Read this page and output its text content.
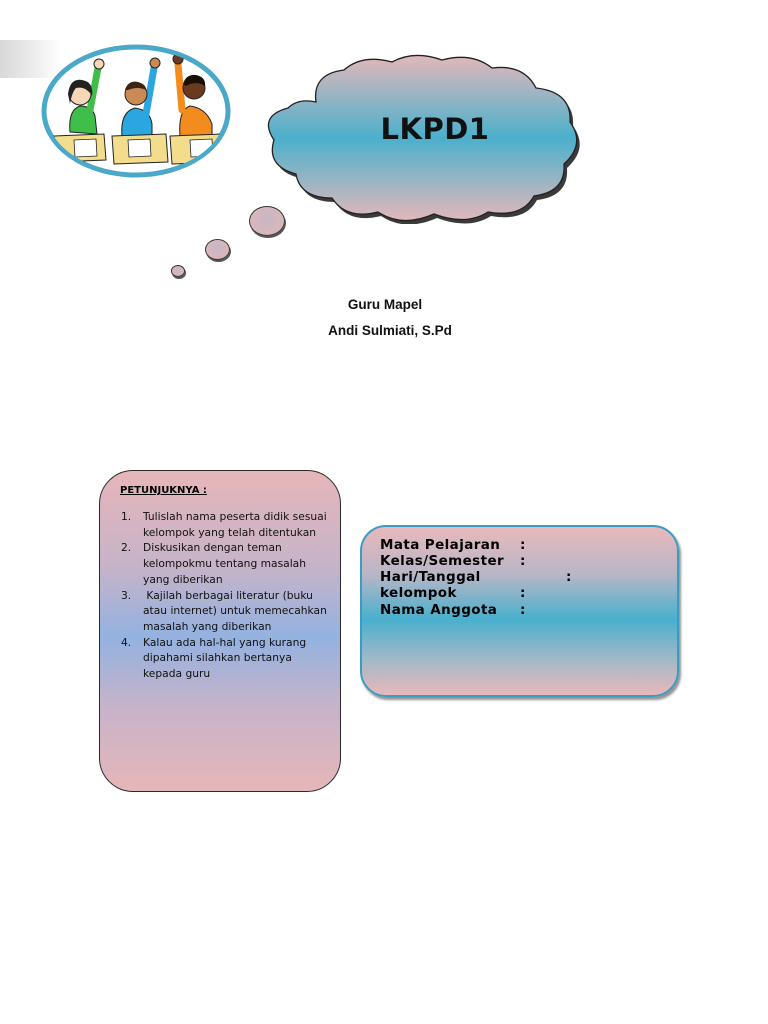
LKPD1
Guru Mapel
Andi Sulmiati, S.Pd
PETUNJUKNYA :
1. Tulislah nama peserta didik sesuai kelompok yang telah ditentukan
2. Diskusikan dengan teman kelompokmu tentang masalah yang diberikan
3. Kajilah berbagai literatur (buku atau internet) untuk memecahkan masalah yang diberikan
4. Kalau ada hal-hal yang kurang dipahami silahkan bertanya kepada guru
Mata Pelajaran :
Kelas/Semester :
Hari/Tanggal	:
kelompok	:
Nama Anggota :
